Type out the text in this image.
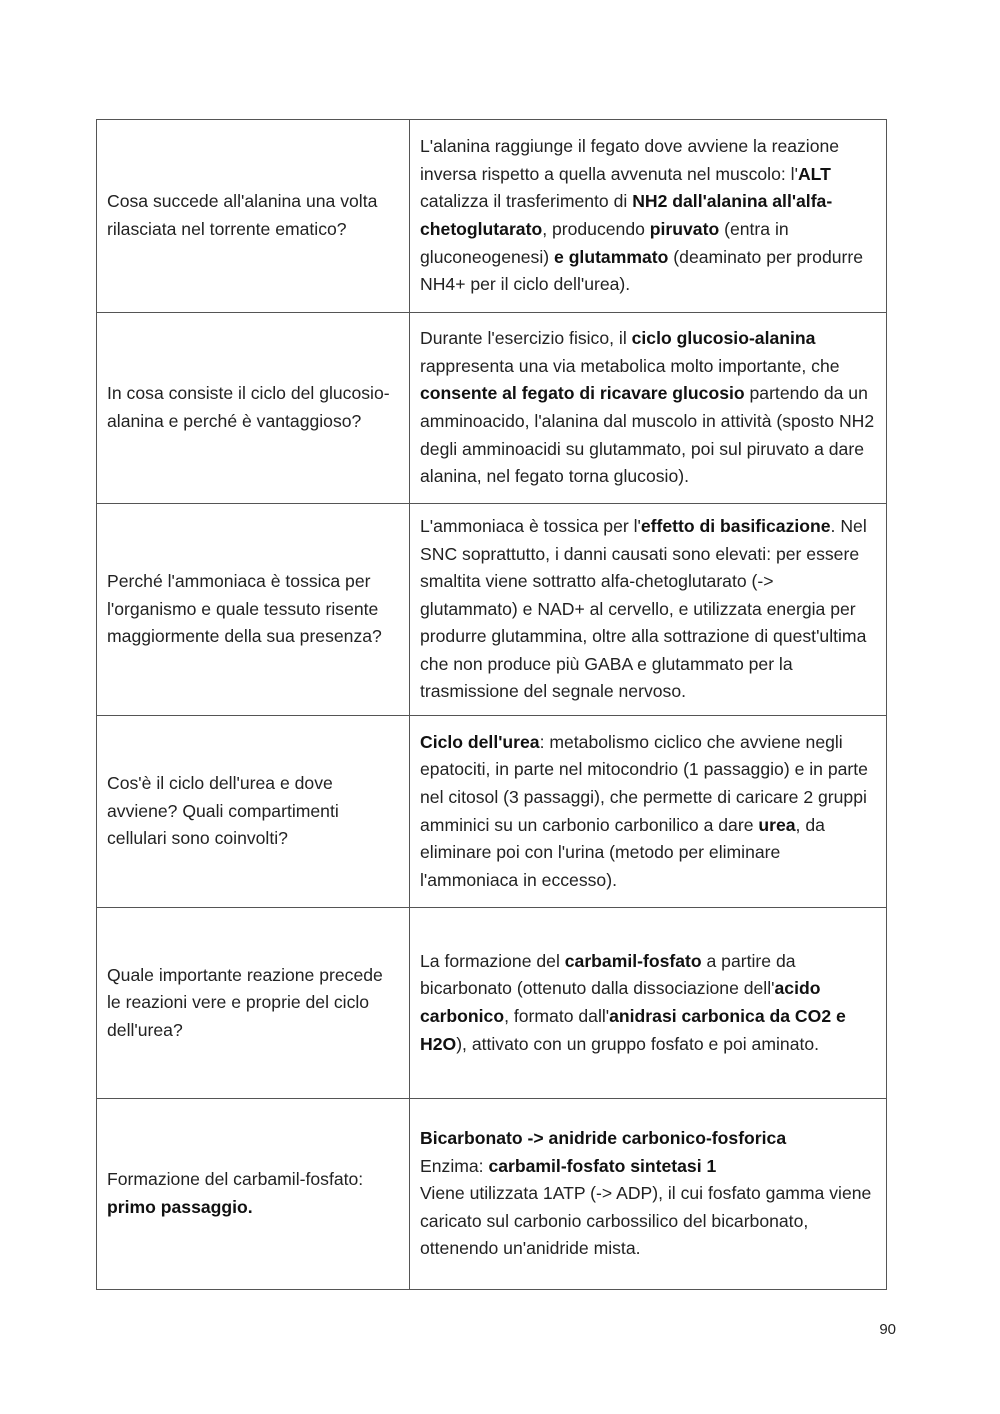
Cosa succede all'alanina una volta rilasciata nel torrente ematico?	L'alanina raggiunge il fegato dove avviene la reazione inversa rispetto a quella avvenuta nel muscolo: l'ALT catalizza il trasferimento di NH2 dall'alanina all'alfa-chetoglutarato, producendo piruvato (entra in gluconeogenesi) e glutammato (deaminato per produrre NH4+ per il ciclo dell'urea).
In cosa consiste il ciclo del glucosio-alanina e perché è vantaggioso?	Durante l'esercizio fisico, il ciclo glucosio-alanina rappresenta una via metabolica molto importante, che consente al fegato di ricavare glucosio partendo da un amminoacido, l'alanina dal muscolo in attività (sposto NH2 degli amminoacidi su glutammato, poi sul piruvato a dare alanina, nel fegato torna glucosio).
Perché l'ammoniaca è tossica per l'organismo e quale tessuto risente maggiormente della sua presenza?	L'ammoniaca è tossica per l'effetto di basificazione. Nel SNC soprattutto, i danni causati sono elevati: per essere smaltita viene sottratto alfa-chetoglutarato (-> glutammato) e NAD+ al cervello, e utilizzata energia per produrre glutammina, oltre alla sottrazione di quest'ultima che non produce più GABA e glutammato per la trasmissione del segnale nervoso.
Cos'è il ciclo dell'urea e dove avviene? Quali compartimenti cellulari sono coinvolti?	Ciclo dell'urea: metabolismo ciclico che avviene negli epatociti, in parte nel mitocondrio (1 passaggio) e in parte nel citosol (3 passaggi), che permette di caricare 2 gruppi amminici su un carbonio carbonilico a dare urea, da eliminare poi con l'urina (metodo per eliminare l'ammoniaca in eccesso).
Quale importante reazione precede le reazioni vere e proprie del ciclo dell'urea?	La formazione del carbamil-fosfato a partire da bicarbonato (ottenuto dalla dissociazione dell'acido carbonico, formato dall'anidrasi carbonica da CO2 e H2O), attivato con un gruppo fosfato e poi aminato.
Formazione del carbamil-fosfato: primo passaggio.	Bicarbonato -> anidride carbonico-fosforica
Enzima: carbamil-fosfato sintetasi 1
Viene utilizzata 1ATP (-> ADP), il cui fosfato gamma viene caricato sul carbonio carbossilico del bicarbonato, ottenendo un'anidride mista.
90
